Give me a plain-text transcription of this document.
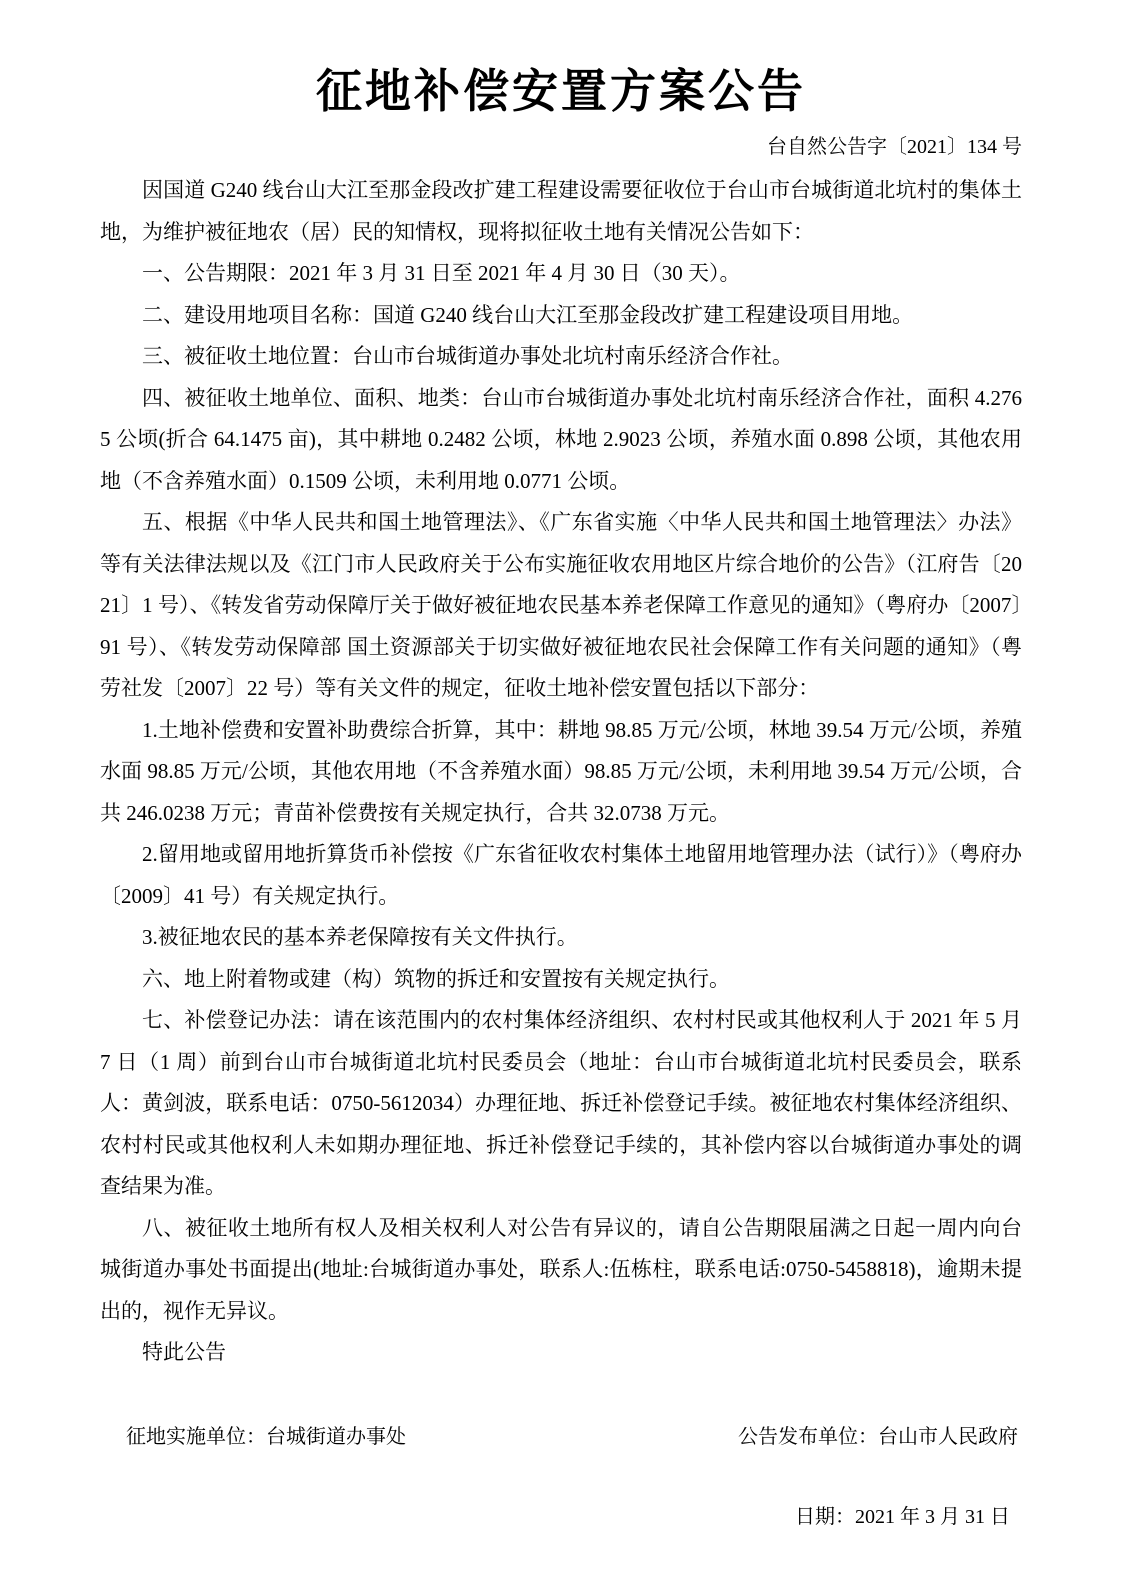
征地补偿安置方案公告
台自然公告字〔2021〕134 号

因国道 G240 线台山大江至那金段改扩建工程建设需要征收位于台山市台城街道北坑村的集体土地，为维护被征地农（居）民的知情权，现将拟征收土地有关情况公告如下：

一、公告期限：2021 年 3 月 31 日至 2021 年 4 月 30 日（30 天）。

二、建设用地项目名称：国道 G240 线台山大江至那金段改扩建工程建设项目用地。

三、被征收土地位置：台山市台城街道办事处北坑村南乐经济合作社。

四、被征收土地单位、面积、地类：台山市台城街道办事处北坑村南乐经济合作社，面积 4.2765 公顷(折合 64.1475 亩)，其中耕地 0.2482 公顷，林地 2.9023 公顷，养殖水面 0.898 公顷，其他农用地（不含养殖水面）0.1509 公顷，未利用地 0.0771 公顷。

五、根据《中华人民共和国土地管理法》、《广东省实施〈中华人民共和国土地管理法〉办法》等有关法律法规以及《江门市人民政府关于公布实施征收农用地区片综合地价的公告》（江府告〔2021〕1 号）、《转发省劳动保障厅关于做好被征地农民基本养老保障工作意见的通知》（粤府办〔2007〕91 号）、《转发劳动保障部 国土资源部关于切实做好被征地农民社会保障工作有关问题的通知》（粤劳社发〔2007〕22 号）等有关文件的规定，征收土地补偿安置包括以下部分：

1.土地补偿费和安置补助费综合折算，其中：耕地 98.85 万元/公顷，林地 39.54 万元/公顷，养殖水面 98.85 万元/公顷，其他农用地（不含养殖水面）98.85 万元/公顷，未利用地 39.54 万元/公顷，合共 246.0238 万元；青苗补偿费按有关规定执行，合共 32.0738 万元。

2.留用地或留用地折算货币补偿按《广东省征收农村集体土地留用地管理办法（试行）》（粤府办〔2009〕41 号）有关规定执行。

3.被征地农民的基本养老保障按有关文件执行。

六、地上附着物或建（构）筑物的拆迁和安置按有关规定执行。

七、补偿登记办法：请在该范围内的农村集体经济组织、农村村民或其他权利人于 2021 年 5 月 7 日（1 周）前到台山市台城街道北坑村民委员会（地址：台山市台城街道北坑村民委员会，联系人：黄剑波，联系电话：0750-5612034）办理征地、拆迁补偿登记手续。被征地农村集体经济组织、农村村民或其他权利人未如期办理征地、拆迁补偿登记手续的，其补偿内容以台城街道办事处的调查结果为准。

八、被征收土地所有权人及相关权利人对公告有异议的，请自公告期限届满之日起一周内向台城街道办事处书面提出(地址:台城街道办事处，联系人:伍栋柱，联系电话:0750-5458818)，逾期未提出的，视作无异议。

特此公告

征地实施单位：台城街道办事处	公告发布单位：台山市人民政府
日期：2021 年 3 月 31 日
